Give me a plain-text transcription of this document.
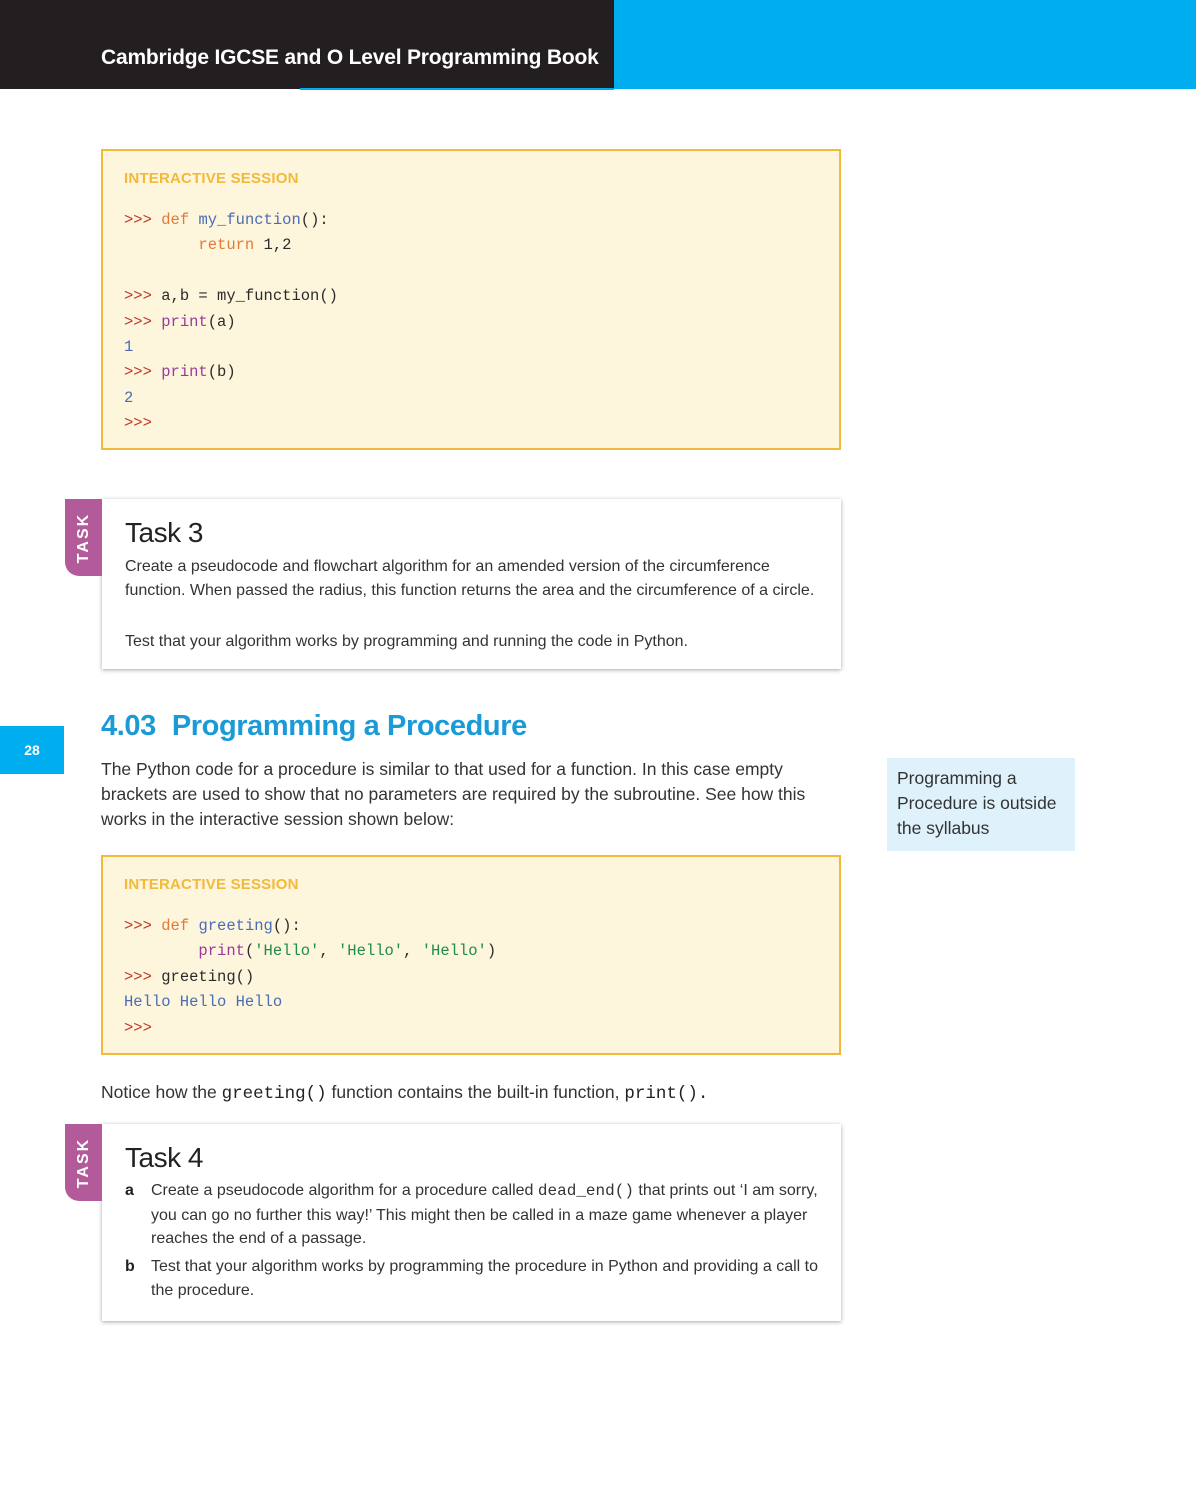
Cambridge IGCSE and O Level Programming Book
INTERACTIVE SESSION
>>> def my_function():
return 1,2
>>> a,b = my_function()
>>> print(a)
1
>>> print(b)
2
>>>
Task 3

Create a pseudocode and flowchart algorithm for an amended version of the circumference function. When passed the radius, this function returns the area and the circumference of a circle.

Test that your algorithm works by programming and running the code in Python.

TASK
28
4.03 Programming a Procedure

The Python code for a procedure is similar to that used for a function. In this case empty brackets are used to show that no parameters are required by the subroutine. See how this works in the interactive session shown below:

Programming a Procedure is outside the syllabus
INTERACTIVE SESSION
>>> def greeting():
print('Hello', 'Hello', 'Hello')
>>> greeting()
Hello Hello Hello
>>>

Notice how the greeting() function contains the built-in function, print().

Task 4
a Create a pseudocode algorithm for a procedure called dead_end() that prints out ‘I am sorry, you can go no further this way!’ This might then be called in a maze game whenever a player reaches the end of a passage.
b Test that your algorithm works by programming the procedure in Python and providing a call to the procedure.
TASK
